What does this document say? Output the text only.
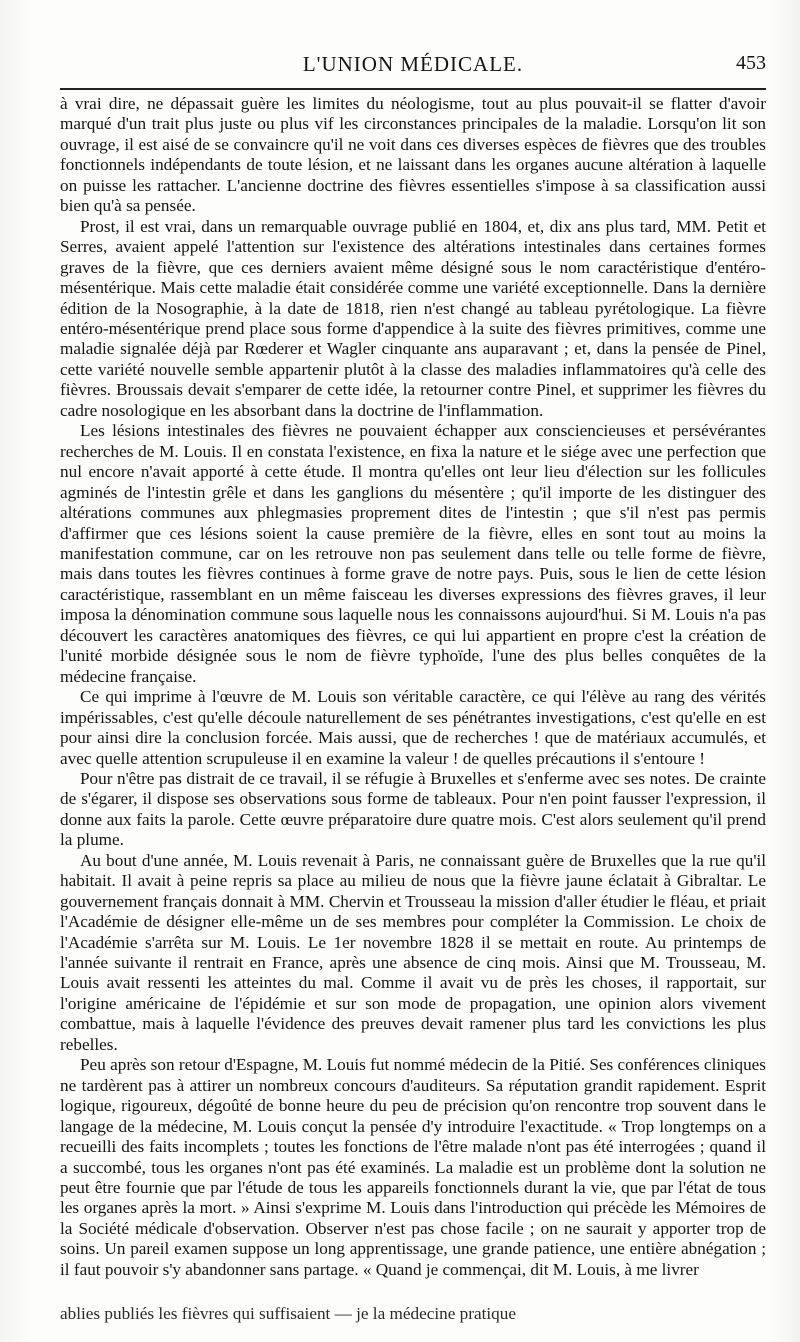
L'UNION MÉDICALE.	453

à vrai dire, ne dépassait guère les limites du néologisme, tout au plus pouvait-il se flatter d'avoir marqué d'un trait plus juste ou plus vif les circonstances principales de la maladie. Lorsqu'on lit son ouvrage, il est aisé de se convaincre qu'il ne voit dans ces diverses espèces de fièvres que des troubles fonctionnels indépendants de toute lésion, et ne laissant dans les organes aucune altération à laquelle on puisse les rattacher. L'ancienne doctrine des fièvres essentielles s'impose à sa classification aussi bien qu'à sa pensée.

Prost, il est vrai, dans un remarquable ouvrage publié en 1804, et, dix ans plus tard, MM. Petit et Serres, avaient appelé l'attention sur l'existence des altérations intestinales dans certaines formes graves de la fièvre, que ces derniers avaient même désigné sous le nom caractéristique d'entéro-mésentérique. Mais cette maladie était considérée comme une variété exceptionnelle. Dans la dernière édition de la Nosographie, à la date de 1818, rien n'est changé au tableau pyrétologique. La fièvre entéro-mésentérique prend place sous forme d'appendice à la suite des fièvres primitives, comme une maladie signalée déjà par Rœderer et Wagler cinquante ans auparavant ; et, dans la pensée de Pinel, cette variété nouvelle semble appartenir plutôt à la classe des maladies inflammatoires qu'à celle des fièvres. Broussais devait s'emparer de cette idée, la retourner contre Pinel, et supprimer les fièvres du cadre nosologique en les absorbant dans la doctrine de l'inflammation.

Les lésions intestinales des fièvres ne pouvaient échapper aux consciencieuses et persévérantes recherches de M. Louis. Il en constata l'existence, en fixa la nature et le siége avec une perfection que nul encore n'avait apporté à cette étude. Il montra qu'elles ont leur lieu d'élection sur les follicules agminés de l'intestin grêle et dans les ganglions du mésentère ; qu'il importe de les distinguer des altérations communes aux phlegmasies proprement dites de l'intestin ; que s'il n'est pas permis d'affirmer que ces lésions soient la cause première de la fièvre, elles en sont tout au moins la manifestation commune, car on les retrouve non pas seulement dans telle ou telle forme de fièvre, mais dans toutes les fièvres continues à forme grave de notre pays. Puis, sous le lien de cette lésion caractéristique, rassemblant en un même faisceau les diverses expressions des fièvres graves, il leur imposa la dénomination commune sous laquelle nous les connaissons aujourd'hui. Si M. Louis n'a pas découvert les caractères anatomiques des fièvres, ce qui lui appartient en propre c'est la création de l'unité morbide désignée sous le nom de fièvre typhoïde, l'une des plus belles conquêtes de la médecine française.

Ce qui imprime à l'œuvre de M. Louis son véritable caractère, ce qui l'élève au rang des vérités impérissables, c'est qu'elle découle naturellement de ses pénétrantes investigations, c'est qu'elle en est pour ainsi dire la conclusion forcée. Mais aussi, que de recherches ! que de matériaux accumulés, et avec quelle attention scrupuleuse il en examine la valeur ! de quelles précautions il s'entoure !

Pour n'être pas distrait de ce travail, il se réfugie à Bruxelles et s'enferme avec ses notes. De crainte de s'égarer, il dispose ses observations sous forme de tableaux. Pour n'en point fausser l'expression, il donne aux faits la parole. Cette œuvre préparatoire dure quatre mois. C'est alors seulement qu'il prend la plume.

Au bout d'une année, M. Louis revenait à Paris, ne connaissant guère de Bruxelles que la rue qu'il habitait. Il avait à peine repris sa place au milieu de nous que la fièvre jaune éclatait à Gibraltar. Le gouvernement français donnait à MM. Chervin et Trousseau la mission d'aller étudier le fléau, et priait l'Académie de désigner elle-même un de ses membres pour compléter la Commission. Le choix de l'Académie s'arrêta sur M. Louis. Le 1er novembre 1828 il se mettait en route. Au printemps de l'année suivante il rentrait en France, après une absence de cinq mois. Ainsi que M. Trousseau, M. Louis avait ressenti les atteintes du mal. Comme il avait vu de près les choses, il rapportait, sur l'origine américaine de l'épidémie et sur son mode de propagation, une opinion alors vivement combattue, mais à laquelle l'évidence des preuves devait ramener plus tard les convictions les plus rebelles.

Peu après son retour d'Espagne, M. Louis fut nommé médecin de la Pitié. Ses conférences cliniques ne tardèrent pas à attirer un nombreux concours d'auditeurs. Sa réputation grandit rapidement. Esprit logique, rigoureux, dégoûté de bonne heure du peu de précision qu'on rencontre trop souvent dans le langage de la médecine, M. Louis conçut la pensée d'y introduire l'exactitude. « Trop longtemps on a recueilli des faits incomplets ; toutes les fonctions de l'être malade n'ont pas été interrogées ; quand il a succombé, tous les organes n'ont pas été examinés. La maladie est un problème dont la solution ne peut être fournie que par l'étude de tous les appareils fonctionnels durant la vie, que par l'état de tous les organes après la mort. » Ainsi s'exprime M. Louis dans l'introduction qui précède les Mémoires de la Société médicale d'observation. Observer n'est pas chose facile ; on ne saurait y apporter trop de soins. Un pareil examen suppose un long apprentissage, une grande patience, une entière abnégation ; il faut pouvoir s'y abandonner sans partage. « Quand je commençai, dit M. Louis, à me livrer

ablies publiés les fièvres qui suffisaient — je la médecine pratique
